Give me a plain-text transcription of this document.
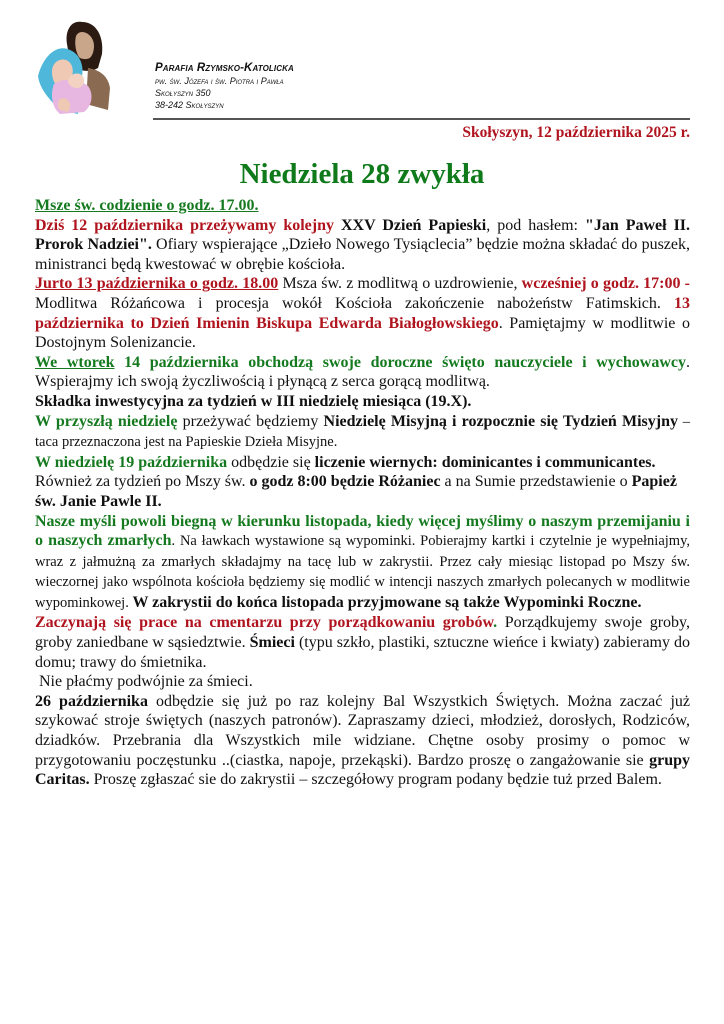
Parafia Rzymsko-Katolicka
pw. św. Józefa i św. Piotra i Pawła
Skołyszyn 350
38-242 Skołyszyn
Skołyszyn, 12 października 2025 r.
Niedziela 28 zwykła

Msze św. codzienie o godz. 17.00.

Dziś 12 października przeżywamy kolejny XXV Dzień Papieski, pod hasłem: "Jan Paweł II. Prorok Nadziei". Ofiary wspierające „Dzieło Nowego Tysiąclecia” będzie można składać do puszek, ministranci będą kwestować w obrębie kościoła.

Jurto 13 października o godz. 18.00 Msza św. z modlitwą o uzdrowienie, wcześniej o godz. 17:00 - Modlitwa Różańcowa i procesja wokół Kościoła zakończenie nabożeństw Fatimskich. 13 października to Dzień Imienin Biskupa Edwarda Białogłowskiego. Pamiętajmy w modlitwie o Dostojnym Solenizancie.

We wtorek 14 października obchodzą swoje doroczne święto nauczyciele i wychowawcy. Wspierajmy ich swoją życzliwością i płynącą z serca gorącą modlitwą.

Składka inwestycyjna za tydzień w III niedzielę miesiąca (19.X).

W przyszłą niedzielę przeżywać będziemy Niedzielę Misyjną i rozpocznie się Tydzień Misyjny – taca przeznaczona jest na Papieskie Dzieła Misyjne.

W niedzielę 19 października odbędzie się liczenie wiernych: dominicantes i communicantes. Również za tydzień po Mszy św. o godz 8:00 będzie Różaniec a na Sumie przedstawienie o Papież św. Janie Pawle II.

Nasze myśli powoli biegną w kierunku listopada, kiedy więcej myślimy o naszym przemijaniu i o naszych zmarłych. Na ławkach wystawione są wypominki. Pobierajmy kartki i czytelnie je wypełniajmy, wraz z jałmużną za zmarłych składajmy na tacę lub w zakrystii. Przez cały miesiąc listopad po Mszy św. wieczornej jako wspólnota kościoła będziemy się modlić w intencji naszych zmarłych polecanych w modlitwie wypominkowej. W zakrystii do końca listopada przyjmowane są także Wypominki Roczne.

Zaczynają się prace na cmentarzu przy porządkowaniu grobów. Porządkujemy swoje groby, groby zaniedbane w sąsiedztwie. Śmieci (typu szkło, plastiki, sztuczne wieńce i kwiaty) zabieramy do domu; trawy do śmietnika.

Nie płaćmy podwójnie za śmieci.

26 października odbędzie się już po raz kolejny Bal Wszystkich Świętych. Można zaczać już szykować stroje świętych (naszych patronów). Zapraszamy dzieci, młodzież, dorosłych, Rodziców, dziadków. Przebrania dla Wszystkich mile widziane. Chętne osoby prosimy o pomoc w przygotowaniu poczęstunku ..(ciastka, napoje, przekąski). Bardzo proszę o zangażowanie sie grupy Caritas. Proszę zgłaszać sie do zakrystii – szczegółowy program podany będzie tuż przed Balem.
